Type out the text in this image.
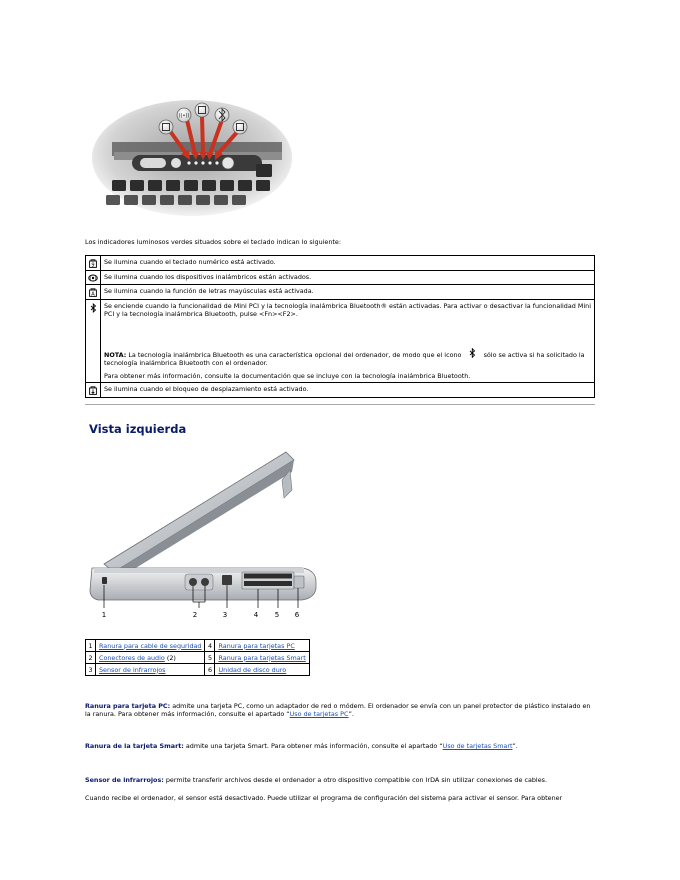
((•))
Los indicadores luminosos verdes situados sobre el teclado indican lo siguiente:
9	Se ilumina cuando el teclado numérico está activado.

	Se ilumina cuando los dispositivos inalámbricos están activados.

A	Se ilumina cuando la función de letras mayúsculas está activada.

Se enciende cuando la funcionalidad de Mini PCI y la tecnología inalámbrica Bluetooth® están activadas. Para activar o desactivar la funcionalidad Mini PCI y la tecnología inalámbrica Bluetooth, pulse <Fn><F2>.
NOTA: La tecnología inalámbrica Bluetooth es una característica opcional del ordenador, de modo que el icono sólo se activa si ha solicitado la tecnología inalámbrica Bluetooth con el ordenador.
Para obtener más información, consulte la documentación que se incluye con la tecnología inalámbrica Bluetooth.

	Se ilumina cuando el bloqueo de desplazamiento está activado.
Vista izquierda
1	2	3	4 5 6
1	Ranura para cable de seguridad	4	Ranura para tarjetas PC
2	Conectores de audio (2)	5	Ranura para tarjetas Smart
3	Sensor de infrarrojos	6	Unidad de disco duro
Ranura para tarjeta PC: admite una tarjeta PC, como un adaptador de red o módem. El ordenador se envía con un panel protector de plástico instalado en la ranura. Para obtener más información, consulte el apartado “Uso de tarjetas PC”.
Ranura de la tarjeta Smart: admite una tarjeta Smart. Para obtener más información, consulte el apartado “Uso de tarjetas Smart”.
Sensor de infrarrojos: permite transferir archivos desde el ordenador a otro dispositivo compatible con IrDA sin utilizar conexiones de cables.
Cuando recibe el ordenador, el sensor está desactivado. Puede utilizar el programa de configuración del sistema para activar el sensor. Para obtener
